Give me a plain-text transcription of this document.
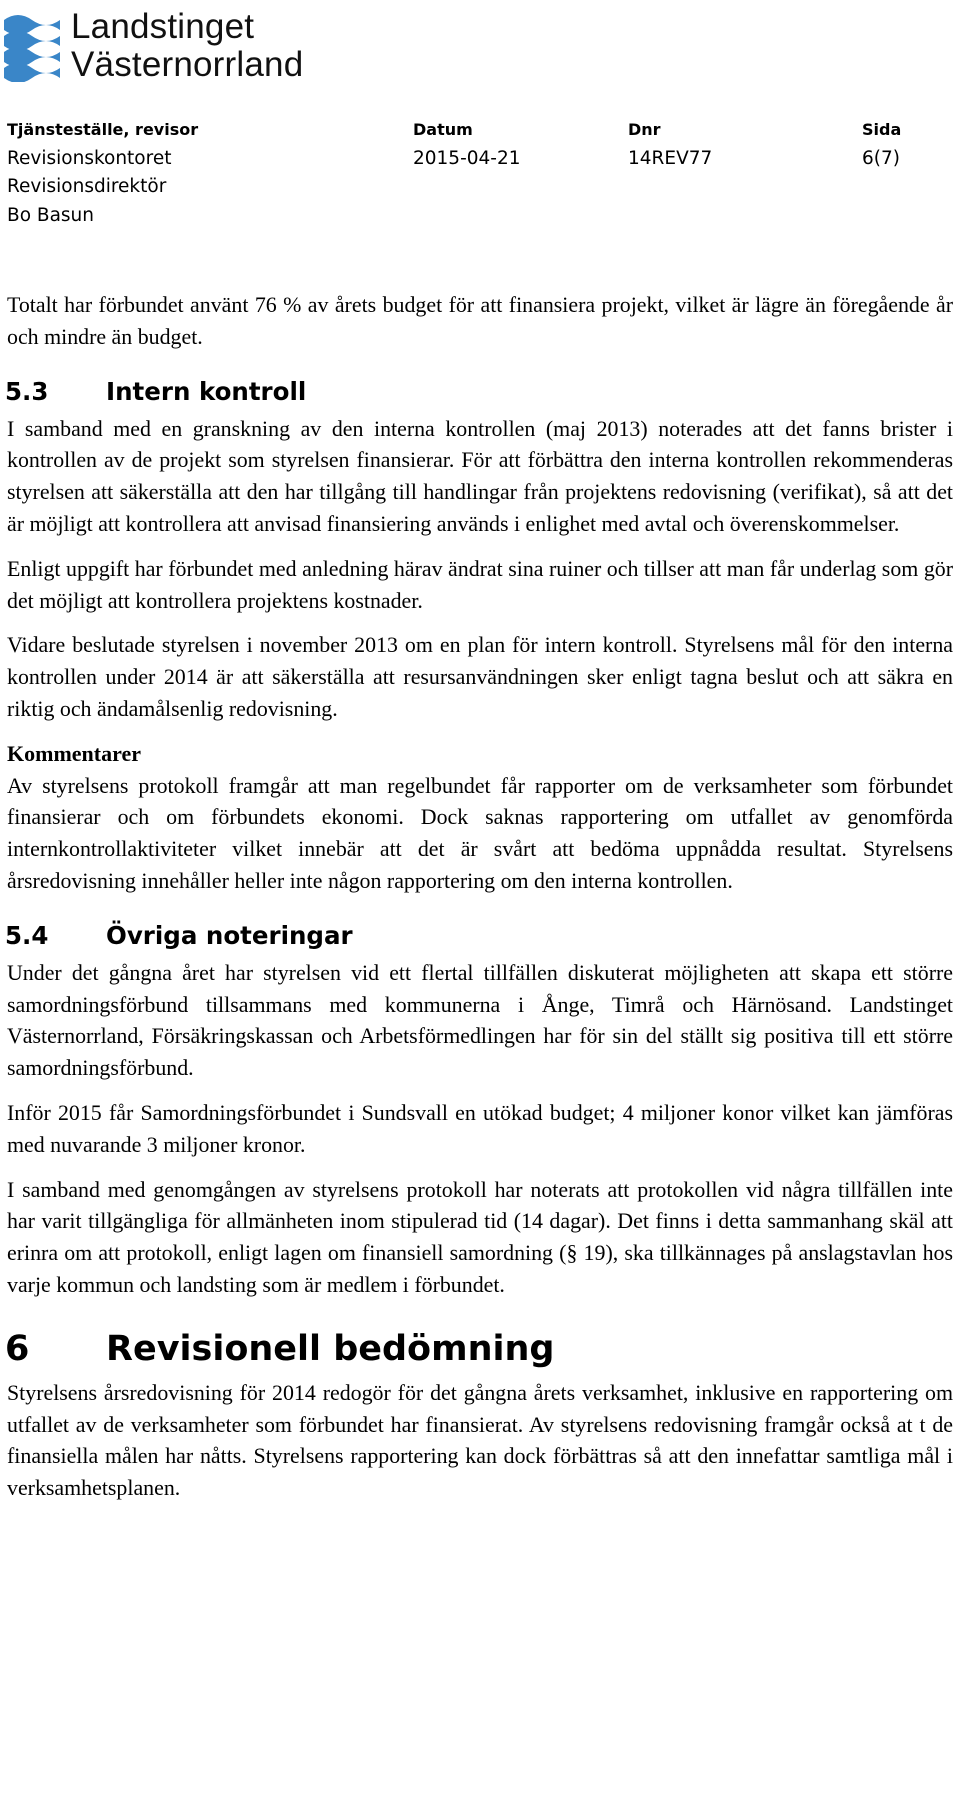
Landstinget
Västernorrland
Tjänsteställe, revisor
Revisionskontoret
Revisionsdirektör
Bo Basun
Datum
2015-04-21
Dnr
14REV77
Sida
6(7)

Totalt har förbundet använt 76 % av årets budget för att finansiera projekt, vilket är lägre än föregående år och mindre än budget.

5.3 Intern kontroll

I samband med en granskning av den interna kontrollen (maj 2013) noterades att det fanns brister i kontrollen av de projekt som styrelsen finansierar. För att förbättra den interna kontrollen rekommenderas styrelsen att säkerställa att den har tillgång till handlingar från projektens redovisning (verifikat), så att det är möjligt att kontrollera att anvisad finansiering används i enlighet med avtal och överenskommelser.

Enligt uppgift har förbundet med anledning härav ändrat sina ruiner och tillser att man får underlag som gör det möjligt att kontrollera projektens kostnader.

Vidare beslutade styrelsen i november 2013 om en plan för intern kontroll. Styrelsens mål för den interna kontrollen under 2014 är att säkerställa att resursanvändningen sker enligt tagna beslut och att säkra en riktig och ändamålsenlig redovisning.

Kommentarer

Av styrelsens protokoll framgår att man regelbundet får rapporter om de verksamheter som förbundet finansierar och om förbundets ekonomi. Dock saknas rapportering om utfallet av genomförda internkontrollaktiviteter vilket innebär att det är svårt att bedöma uppnådda resultat. Styrelsens årsredovisning innehåller heller inte någon rapportering om den interna kontrollen.

5.4 Övriga noteringar

Under det gångna året har styrelsen vid ett flertal tillfällen diskuterat möjligheten att skapa ett större samordningsförbund tillsammans med kommunerna i Ånge, Timrå och Härnösand. Landstinget Västernorrland, Försäkringskassan och Arbetsförmedlingen har för sin del ställt sig positiva till ett större samordningsförbund.

Inför 2015 får Samordningsförbundet i Sundsvall en utökad budget; 4 miljoner konor vilket kan jämföras med nuvarande 3 miljoner kronor.

I samband med genomgången av styrelsens protokoll har noterats att protokollen vid några tillfällen inte har varit tillgängliga för allmänheten inom stipulerad tid (14 dagar). Det finns i detta sammanhang skäl att erinra om att protokoll, enligt lagen om finansiell samordning (§ 19), ska tillkännages på anslagstavlan hos varje kommun och landsting som är medlem i förbundet.

6 Revisionell bedömning

Styrelsens årsredovisning för 2014 redogör för det gångna årets verksamhet, inklusive en rapportering om utfallet av de verksamheter som förbundet har finansierat. Av styrelsens redovisning framgår också at t de finansiella målen har nåtts. Styrelsens rapportering kan dock förbättras så att den innefattar samtliga mål i verksamhetsplanen.
